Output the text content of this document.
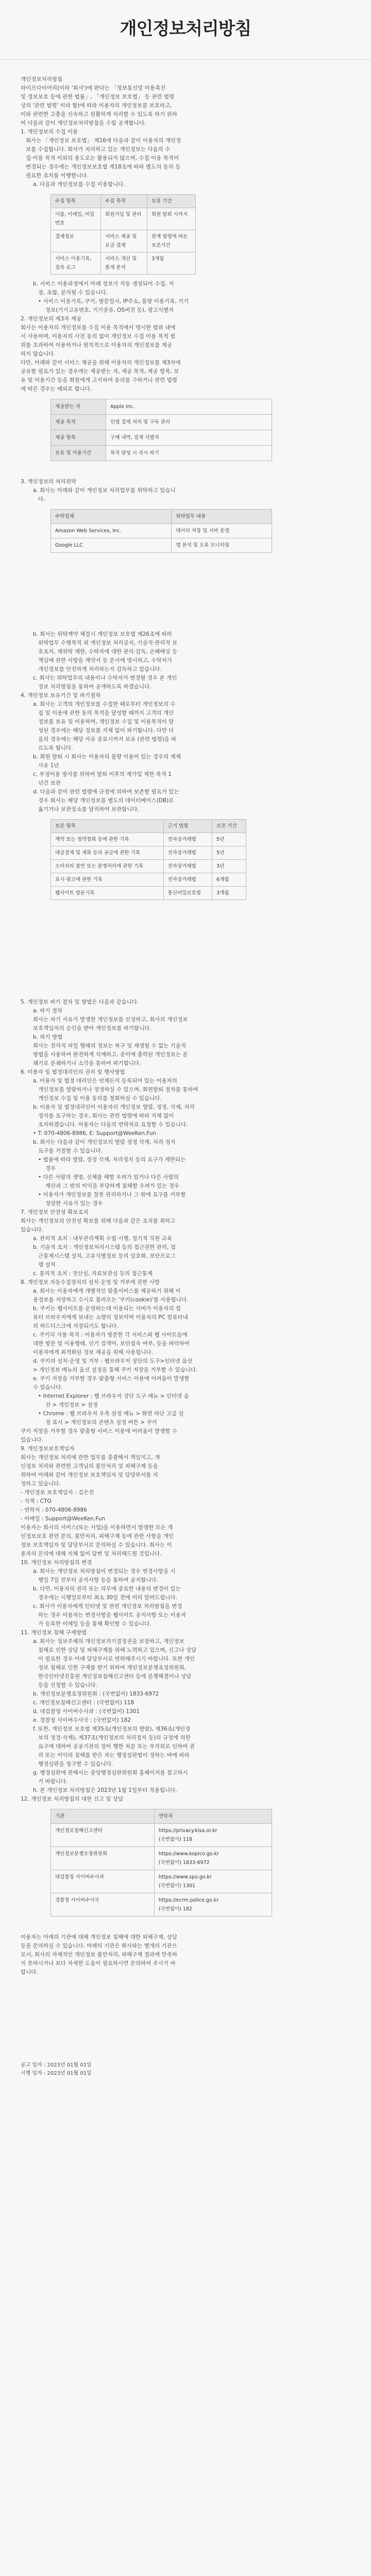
개인정보처리방침

개인정보처리방침

라이프다이어리(이하 '회사')에 판다는 「정보통신망 이용촉진

및 정보보호 등에 관한 법률」, 「개인정보 보호법」 등 관련 법령

상의 '관련 법령' 이라 함)에 따라 이용자의 개인정보를 보호하고,

이와 관련한 고충을 신속하고 원활하게 처리할 수 있도록 하기 위하

여 다음과 같이 개인정보처리방침을 수립 공개합니다.

1. 개인정보의 수집 이용

회사는 「개인정보 보호법」 제16에 다음과 같이 이용자의 개인정

보를 수집합니다. 회사가 처리하고 있는 개인정보는 다음의 수

집·이용 목적 이외의 용도로는 활용되지 않으며, 수집·이용 목적이

변경되는 경우에는 개인정보보호법 제18조에 따라 별도의 동의 등

필요한 조치를 이행할니다.

a. 다음과 개인정보를 수집 이용합니다.

수집 항목	수집 목적	보유 기간
이름, 이메일, 비밀번호	회원가입 및 관리	회원 탈퇴 시까지
결제정보	서비스 제공 및 요금 결제	관계 법령에 따른 보존기간
서비스 이용기록, 접속 로그	서비스 개선 및 통계 분석	3개월

b. 서비스 이용과정에서 아래 정보가 자동 생성되어 수집, 저

장, 조합, 분석될 수 있습니다.

• 서비스 이용기록, 쿠키, 방문일시, IP주소, 불량 이용기록, 기기

정보(기기고유번호, 기기종류, OS버전 등), 광고식별자

2. 개인정보의 제3자 제공

회사는 이용자의 개인정보를 수집 이용 목적에서 명시한 범위 내에

서 사용하며, 이용자의 사전 동의 없이 개인정보 수집 이용 목적 범

위를 초과하여 이용하거나 원칙적으로 이용자의 개인정보를 제공

하지 않습니다.

다만, 아래와 같이 서비스 제공을 위해 이용자의 개인정보를 제3자에

공유할 필요가 있는 경우에는 제공받는 자, 제공 목적, 제공 항목, 보

유 및 이용기간 등을 회원에게 고지하여 동의를 구하거나 관련 법령

에 따른 경우는 예외로 합니다.

제공받는 자	Apple Inc.
제공 목적	인앱 결제 처리 및 구독 관리
제공 항목	구매 내역, 결제 식별자
보유 및 이용기간	목적 달성 시 즉시 파기

3. 개인정보의 처리위탁

a. 회사는 아래와 같이 개인정보 처리업무를 위탁하고 있습니

다.

수탁업체	위탁업무 내용
Amazon Web Services, Inc.	데이터 저장 및 서버 운영
Google LLC	앱 분석 및 오류 모니터링

b. 회사는 위탁계약 체결시 개인정보 보호법 제26조에 따라

위탁업무 수행목적 외 개인정보 처리금지, 기술적·관리적 보

호조치, 재위탁 제한, 수탁자에 대한 관리·감독, 손해배상 등

책임에 관한 사항을 계약서 등 문서에 명시하고, 수탁자가

개인정보를 안전하게 처리하는지 감독하고 있습니다.

c. 회사는 위탁업무의 내용이나 수탁자가 변경될 경우 본 개인

정보 처리방침을 통하여 공개하도록 하겠습니다.

4. 개인정보 보유기간 및 파기절차

a. 회사는 고객의 개인정보를 수집한 때로부터 개인정보의 수

집 및 이용에 관한 동의 목적을 달성할 때까지 고객의 개인

정보를 보유 및 이용하며, 개인정보 수집 및 이용목적이 달

성된 경우에는 해당 정보를 지체 없이 파기합니다. 다만 다

음의 경우에는 해당 사유 종료시까지 보유 (관련 법령)을 따

르도록 합니다.

b. 회원 탈퇴 시 회사는 이용자의 불량 이용이 있는 경우의 제재

사유 1년

c. 부정이용 방지를 위하여 탈퇴 이후의 재가입 제한 목적 1

년간 보관

d. 다음과 같이 관련 법령에 규정에 의하여 보존할 필요가 있는

경우 회사는 해당 개인정보를 별도의 데이터베이스(DB)로

옮기거나 보관장소를 달리하여 보관합니다.

보존 항목	근거 법령	보존 기간
계약 또는 청약철회 등에 관한 기록	전자상거래법	5년
대금결제 및 재화 등의 공급에 관한 기록	전자상거래법	5년
소비자의 불만 또는 분쟁처리에 관한 기록	전자상거래법	3년
표시·광고에 관한 기록	전자상거래법	6개월
웹사이트 방문기록	통신비밀보호법	3개월

5. 개인정보 파기 절차 및 방법은 다음과 같습니다.

a. 파기 절차

회사는 파기 사유가 발생한 개인정보를 선정하고, 회사의 개인정보

보호책임자의 승인을 받아 개인정보를 파기합니다.

b. 파기 방법

회사는 전자적 파일 형태의 정보는 복구 및 재생될 수 없는 기술적

방법을 사용하여 완전하게 삭제하고, 종이에 출력된 개인정보는 분

쇄기로 분쇄하거나 소각을 통하여 파기합니다.

6. 이용자 및 법정대리인의 권리 및 행사방법

a. 이용자 및 법정 대리인은 언제든지 등록되어 있는 이용자의

개인정보를 열람하거나 정정하실 수 있으며, 회원탈퇴 절차를 통하여

개인정보 수집 및 이용 동의를 철회하실 수 있습니다.

b. 이용자 및 법정대리인이 이용자의 개인정보 열람, 정정, 삭제, 처리

정지를 요구하는 경우, 회사는 관련 법령에 따라 지체 없이

조치하겠습니다. 이용자는 다음의 연락처로 요청할 수 있습니다.

• T: 070-4806-8986, E: Support@WeeKen.Fun

b. 회사는 다음과 같이 개인정보의 열람 정정 삭제, 처리 정지

요구를 거절할 수 있습니다.

• 법률에 따라 열람, 정정 삭제, 처리정지 등의 요구가 제한되는

경우

• 다른 사람의 생명, 신체를 해할 우려가 있거나 다른 사람의

재산과 그 밖의 이익을 부당하게 침해할 우려가 있는 경우

• 이용자가 개인정보를 잘못 관리하거나 그 밖에 요구를 거부할

정당한 사유가 있는 경우

7. 개인정보 안전성 확보조치

회사는 개인정보의 안전성 확보를 위해 다음과 같은 조치를 취하고

있습니다.

a. 관리적 조치 : 내부관리계획 수립·시행, 정기적 직원 교육

b. 기술적 조치 : 개인정보처리시스템 등의 접근권한 관리, 접

근통제시스템 설치, 고유식별정보 등의 암호화, 보안프로그

램 설치

c. 물리적 조치 : 전산실, 자료보관실 등의 접근통제

8. 개인정보 자동수집장치의 설치·운영 및 거부에 관한 사항

a. 회사는 이용자에게 개별적인 맞춤서비스를 제공하기 위해 이

용정보를 저장하고 수시로 불러오는 '쿠키(cookie)'를 사용합니다.

b. 쿠키는 웹사이트를 운영하는데 이용되는 서버가 이용자의 컴

퓨터 브라우저에게 보내는 소량의 정보이며 이용자의 PC 컴퓨터내

의 하드디스크에 저장되기도 합니다.

c. 쿠키의 사용 목적 : 이용자가 방문한 각 서비스와 웹 사이트들에

대한 방문 및 이용형태, 인기 검색어, 보안접속 여부, 등을 파악하여

이용자에게 최적화된 정보 제공을 위해 사용됩니다.

d. 쿠키의 설치·운영 및 거부 : 웹브라우저 상단의 도구>인터넷 옵션

> 개인정보 메뉴의 옵션 설정을 통해 쿠키 저장을 거부할 수 있습니다.

e. 쿠키 저장을 거부할 경우 맞춤형 서비스 이용에 어려움이 발생할

수 있습니다.

• Internet Explorer : 웹 브라우저 상단 도구 메뉴 > 인터넷 옵

션 > 개인정보 > 설정

• Chrome : 웹 브라우저 우측 설정 메뉴 > 화면 하단 고급 설

정 표시 > 개인정보의 콘텐츠 설정 버튼 > 쿠키

쿠키 저장을 거부할 경우 맞춤형 서비스 이용에 어려움이 발생할 수

있습니다.

9. 개인정보보호책임자

회사는 개인정보 처리에 관한 업무를 총괄해서 책임지고, 개

인정보 처리와 관련한 고객님의 불만처리 및 피해구제 등을

위하여 아래와 같이 개인정보 보호책임자 및 담당부서를 지

정하고 있습니다.

- 개인정보 보호책임자 : 김은진

- 직책 : CTO

- 연락처 : 070-4806-8986

- 이메일 : Support@WeeKen.Fun

이용자는 회사의 서비스(또는 사업)을 이용하면서 발생한 모든 개

인정보보호 관련 문의, 불만처리, 피해구제 등에 관한 사항을 개인

정보 보호책임자 및 담당부서로 문의하실 수 있습니다. 회사는 이

용자의 문의에 대해 지체 없이 답변 및 처리해드릴 것입니다.

10. 개인정보 처리방침의 변경

a. 회사는 개인정보 처리방침이 변경되는 경우 변경사항을 시

행일 7일 전부터 공지사항 등을 통하여 공지합니다.

b. 다만, 이용자의 권리 또는 의무에 중요한 내용의 변경이 있는

경우에는 시행일로부터 최소 30일 전에 미리 알려드립니다.

c. 회사가 이용자에게 인터넷 및 관련 개인정보 처리방침을 변경

하는 경우 이용자는 변경사항을 웹사이트 공지사항 또는 이용자

가 등록한 이메일 등을 통해 확인할 수 있습니다.

11. 개인정보 침해 구제방법

a. 회사는 정보주체의 개인정보자기결정권을 보장하고, 개인정보

침해로 인한 상담 및 피해구제를 위해 노력하고 있으며, 신고나 상담

이 필요한 경우 아래 담당부서로 연락해주시기 바랍니다. 또한 개인

정보 침해로 인한 구제를 받기 위하여 개인정보분쟁조정위원회,

한국인터넷진흥원 개인정보침해신고센터 등에 분쟁해결이나 상담

등을 신청할 수 있습니다.

b. 개인정보분쟁조정위원회 : (국번없이) 1833-6972

c. 개인정보침해신고센터 : (국번없이) 118

d. 대검찰청 사이버수사과 : (국번없이) 1301

e. 경찰청 사이버수사국 : (국번없이) 182

f. 또한, 개인정보 보호법 제35조(개인정보의 열람), 제36조(개인정

보의 정정·삭제), 제37조(개인정보의 처리정지 등)의 규정에 의한

요구에 대하여 공공기관의 장이 행한 처분 또는 부작위로 인하여 권

리 또는 이익의 침해를 받은 자는 행정심판법이 정하는 바에 따라

행정심판을 청구할 수 있습니다.

g. 행정심판에 관해서는 중앙행정심판위원회 홈페이지를 참고하시

기 바랍니다.

h. 본 개인정보 처리방침은 2023년 1월 1일부터 적용됩니다.

12. 개인정보 처리방침의 대한 신고 및 상담

기관	연락처
개인정보침해신고센터	https://privacy.kisa.or.kr
(국번없이) 118
개인정보분쟁조정위원회	https://www.kopico.go.kr
(국번없이) 1833-6972
대검찰청 사이버수사과	https://www.spo.go.kr
(국번없이) 1301
경찰청 사이버수사국	https://ecrm.police.go.kr
(국번없이) 182

이용자는 아래의 기관에 대해 개인정보 침해에 대한 피해구제, 상담

등을 문의하실 수 있습니다. 아래의 기관은 회사와는 별개의 기관으

로서, 회사의 자체적인 개인정보 불만처리, 피해구제 결과에 만족하

지 못하시거나 보다 자세한 도움이 필요하시면 문의하여 주시기 바

랍니다.

공고 일자 : 2023년 01월 01일

시행 일자 : 2023년 01월 01일
